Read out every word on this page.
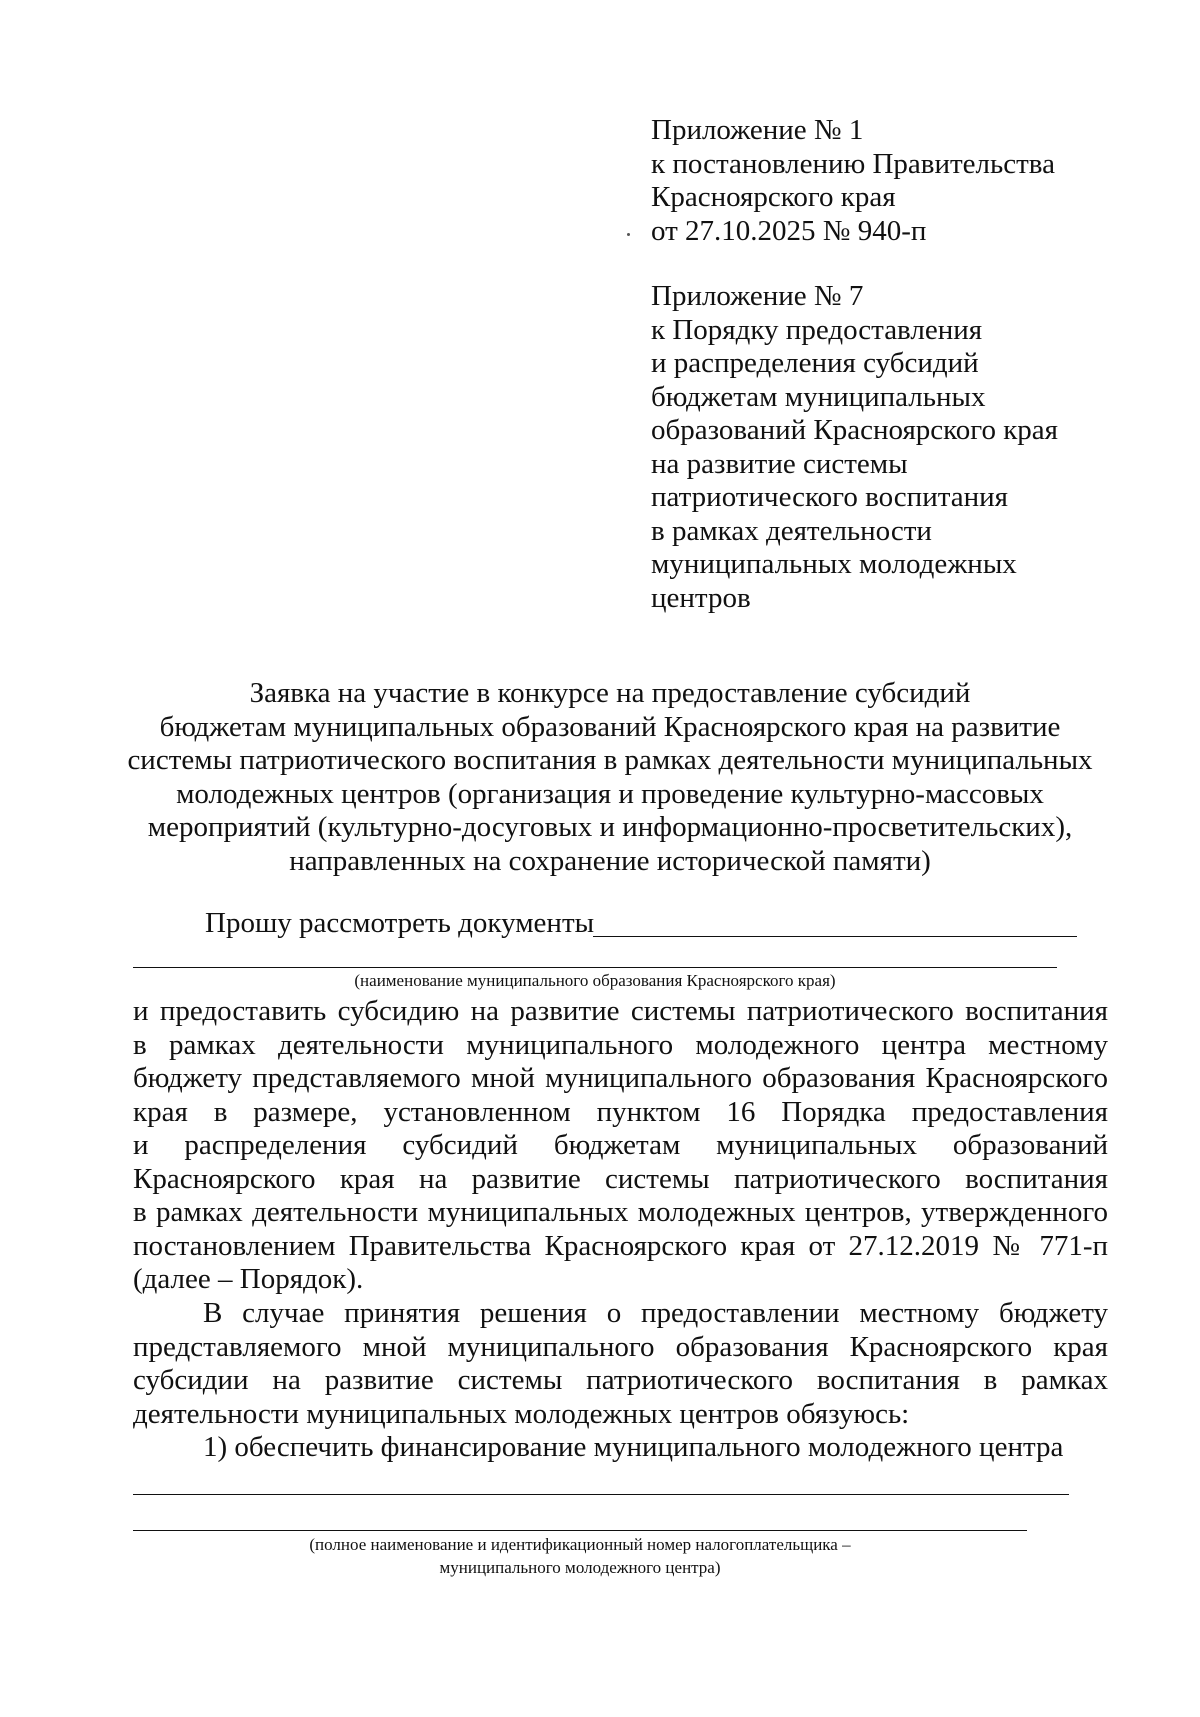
Приложение № 1

к постановлению Правительства

Красноярского края

от 27.10.2025 № 940-п

Приложение № 7

к Порядку предоставления

и распределения субсидий

бюджетам муниципальных

образований Красноярского края

на развитие системы

патриотического воспитания

в рамках деятельности

муниципальных молодежных

центров

Заявка на участие в конкурсе на предоставление субсидий

бюджетам муниципальных образований Красноярского края на развитие

системы патриотического воспитания в рамках деятельности муниципальных

молодежных центров (организация и проведение культурно-массовых

мероприятий (культурно-досуговых и информационно-просветительских),

направленных на сохранение исторической памяти)

Прошу рассмотреть документы
(наименование муниципального образования Красноярского края)

и предоставить субсидию на развитие системы патриотического воспитания

в рамках деятельности муниципального молодежного центра местному

бюджету представляемого мной муниципального образования Красноярского

края в размере, установленном пунктом 16 Порядка предоставления

и распределения субсидий бюджетам муниципальных образований

Красноярского края на развитие системы патриотического воспитания

в рамках деятельности муниципальных молодежных центров, утвержденного

постановлением Правительства Красноярского края от 27.12.2019 № 771-п

(далее – Порядок).

В случае принятия решения о предоставлении местному бюджету

представляемого мной муниципального образования Красноярского края

субсидии на развитие системы патриотического воспитания в рамках

деятельности муниципальных молодежных центров обязуюсь:

1) обеспечить финансирование муниципального молодежного центра

(полное наименование и идентификационный номер налогоплательщика –
муниципального молодежного центра)
